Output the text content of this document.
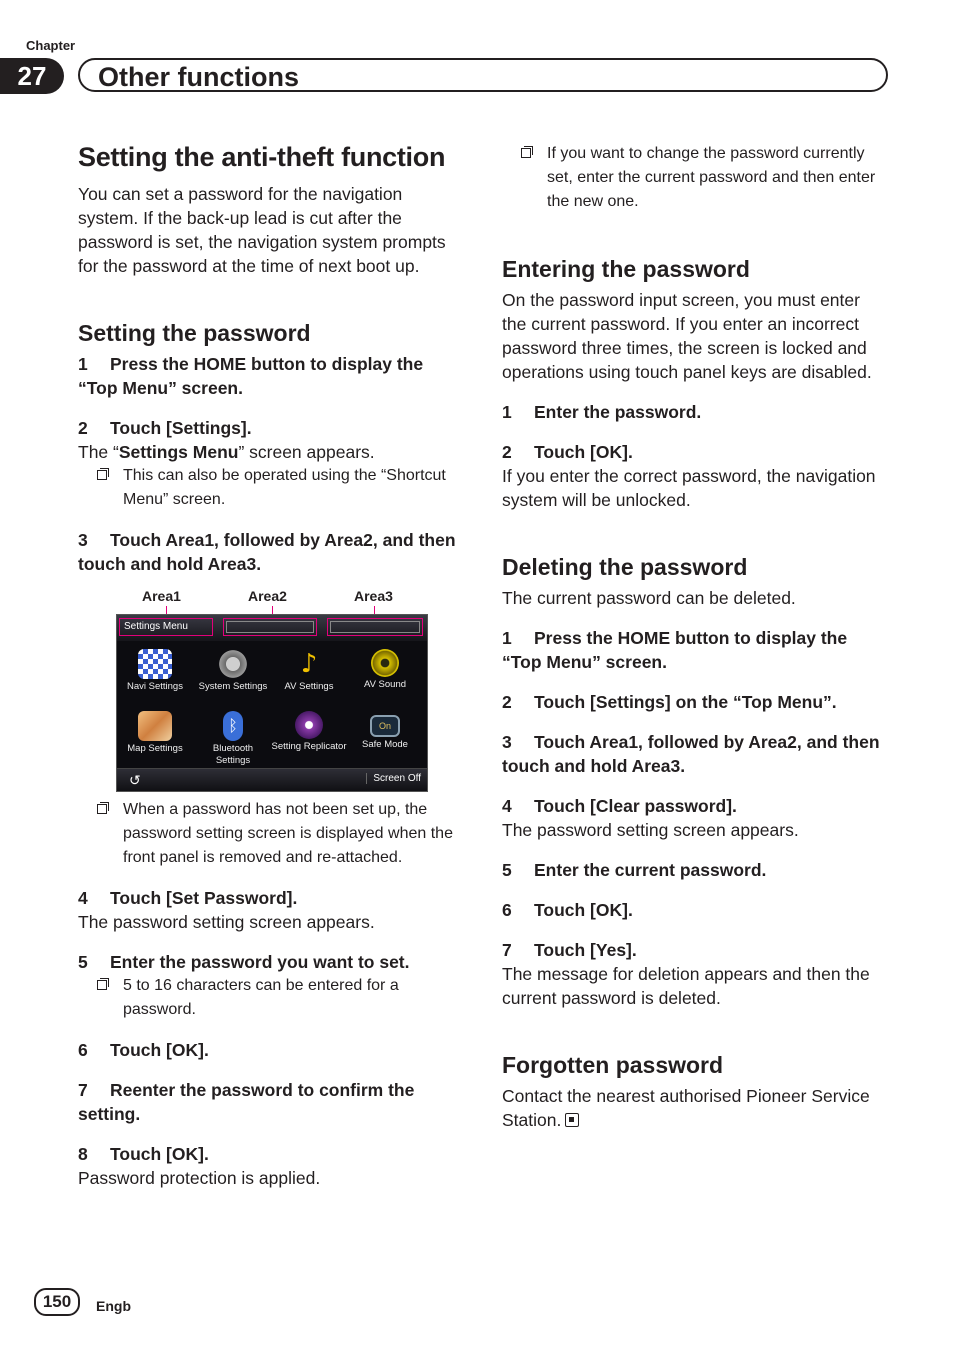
Chapter
27	Other functions
Setting the anti-theft function

You can set a password for the navigation system. If the back-up lead is cut after the password is set, the navigation system prompts for the password at the time of next boot up.

Setting the password

1 Press the HOME button to display the “Top Menu” screen.

2 Touch [Settings].

The “Settings Menu” screen appears.

This can also be operated using the “Shortcut Menu” screen.

3 Touch Area1, followed by Area2, and then touch and hold Area3.

Area1	Area2	Area3
Settings Menu
Navi Settings	System Settings
♪
AV Settings	AV Sound
Map Settings
ᛒ
Bluetooth Settings
Setting Replicator
On
Safe Mode
↺	Screen Off

When a password has not been set up, the password setting screen is displayed when the front panel is removed and re-attached.

4 Touch [Set Password].

The password setting screen appears.

5 Enter the password you want to set.

5 to 16 characters can be entered for a password.

6 Touch [OK].

7 Reenter the password to confirm the setting.

8 Touch [OK].

Password protection is applied.

If you want to change the password currently set, enter the current password and then enter the new one.

Entering the password

On the password input screen, you must enter the current password. If you enter an incorrect password three times, the screen is locked and operations using touch panel keys are disabled.

1 Enter the password.

2 Touch [OK].

If you enter the correct password, the navigation system will be unlocked.

Deleting the password

The current password can be deleted.

1 Press the HOME button to display the “Top Menu” screen.

2 Touch [Settings] on the “Top Menu”.

3 Touch Area1, followed by Area2, and then touch and hold Area3.

4 Touch [Clear password].

The password setting screen appears.

5 Enter the current password.

6 Touch [OK].

7 Touch [Yes].

The message for deletion appears and then the current password is deleted.

Forgotten password

Contact the nearest authorised Pioneer Service Station.

150	Engb
